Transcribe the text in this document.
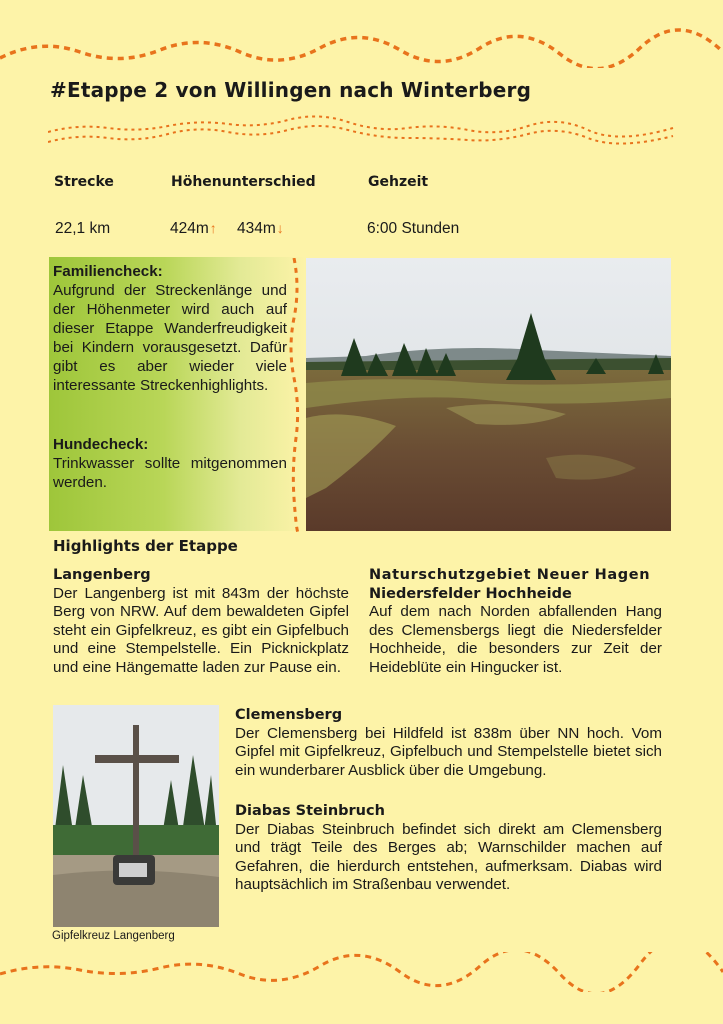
#Etappe 2 von Willingen nach Winterberg
Strecke	Höhenunterschied	Gehzeit
22,1 km	424m↑ 434m↓	6:00 Stunden
Familiencheck:
Aufgrund der Streckenlänge und der Höhenmeter wird auch auf dieser Etappe Wanderfreudigkeit bei Kindern vorausgesetzt. Dafür gibt es aber wieder viele interessante Streckenhighlights.
Hundecheck:
Trinkwasser sollte mitgenommen werden.
Highlights der Etappe
Langenberg
Der Langenberg ist mit 843m der höchste Berg von NRW. Auf dem bewaldeten Gipfel steht ein Gipfelkreuz, es gibt ein Gipfelbuch und eine Stempelstelle. Ein Picknickplatz und eine Hängematte laden zur Pause ein.
Naturschutzgebiet Neuer Hagen
Niedersfelder Hochheide
Auf dem nach Norden abfallenden Hang des Clemensbergs liegt die Niedersfelder Hochheide, die besonders zur Zeit der Heideblüte ein Hingucker ist.
Gipfelkreuz Langenberg
Clemensberg
Der Clemensberg bei Hildfeld ist 838m über NN hoch. Vom Gipfel mit Gipfelkreuz, Gipfelbuch und Stempelstelle bietet sich ein wunderbarer Ausblick über die Umgebung.
Diabas Steinbruch
Der Diabas Steinbruch befindet sich direkt am Clemensberg und trägt Teile des Berges ab; Warnschilder machen auf Gefahren, die hierdurch entstehen, aufmerksam. Diabas wird hauptsächlich im Straßenbau verwendet.
